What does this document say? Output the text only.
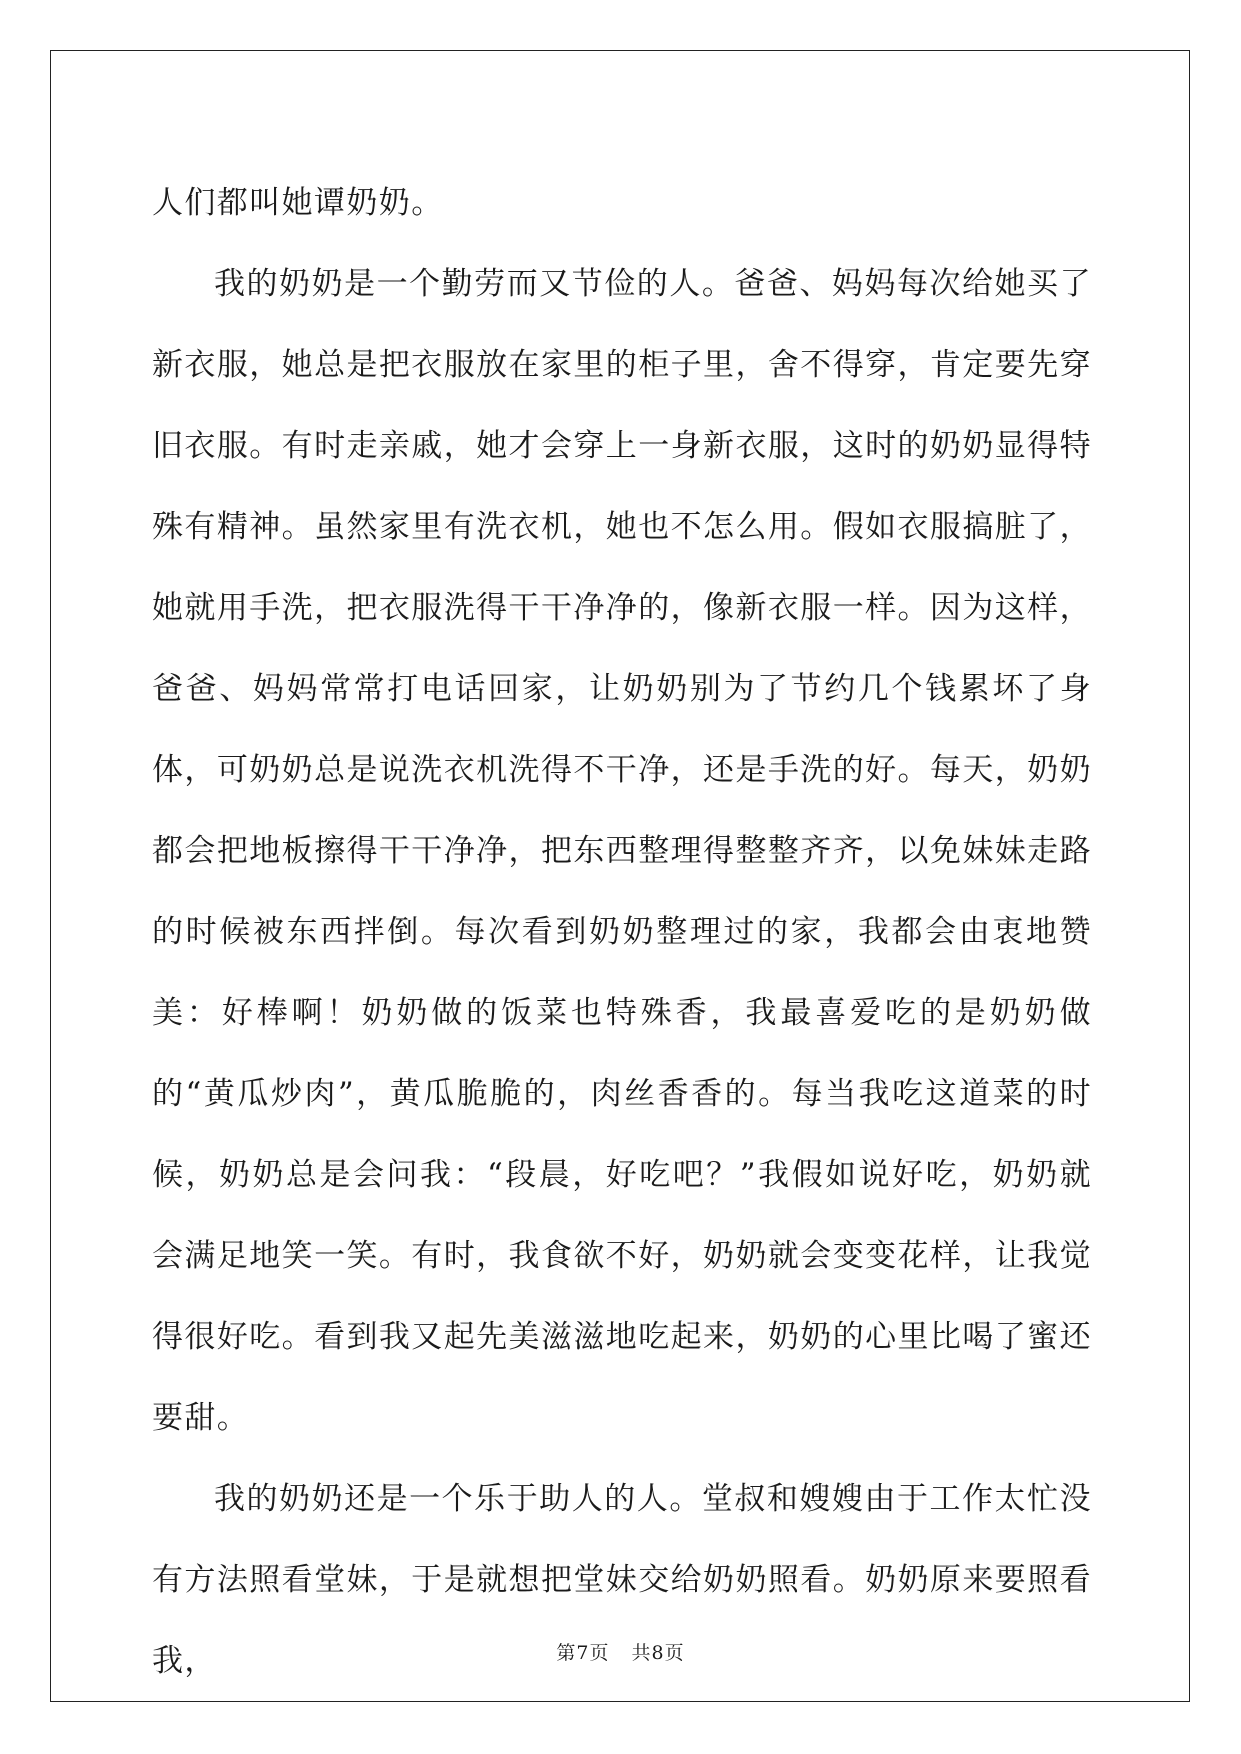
人们都叫她谭奶奶。

我的奶奶是一个勤劳而又节俭的人。爸爸、妈妈每次给她买了新衣服，她总是把衣服放在家里的柜子里，舍不得穿，肯定要先穿旧衣服。有时走亲戚，她才会穿上一身新衣服，这时的奶奶显得特殊有精神。虽然家里有洗衣机，她也不怎么用。假如衣服搞脏了，她就用手洗，把衣服洗得干干净净的，像新衣服一样。因为这样，爸爸、妈妈常常打电话回家，让奶奶别为了节约几个钱累坏了身体，可奶奶总是说洗衣机洗得不干净，还是手洗的好。每天，奶奶都会把地板擦得干干净净，把东西整理得整整齐齐，以免妹妹走路的时候被东西拌倒。每次看到奶奶整理过的家，我都会由衷地赞美：好棒啊！奶奶做的饭菜也特殊香，我最喜爱吃的是奶奶做的“黄瓜炒肉”，黄瓜脆脆的，肉丝香香的。每当我吃这道菜的时候，奶奶总是会问我：“段晨，好吃吧？”我假如说好吃，奶奶就会满足地笑一笑。有时，我食欲不好，奶奶就会变变花样，让我觉得很好吃。看到我又起先美滋滋地吃起来，奶奶的心里比喝了蜜还要甜。

我的奶奶还是一个乐于助人的人。堂叔和嫂嫂由于工作太忙没有方法照看堂妹，于是就想把堂妹交给奶奶照看。奶奶原来要照看我，	第7页 共8页
